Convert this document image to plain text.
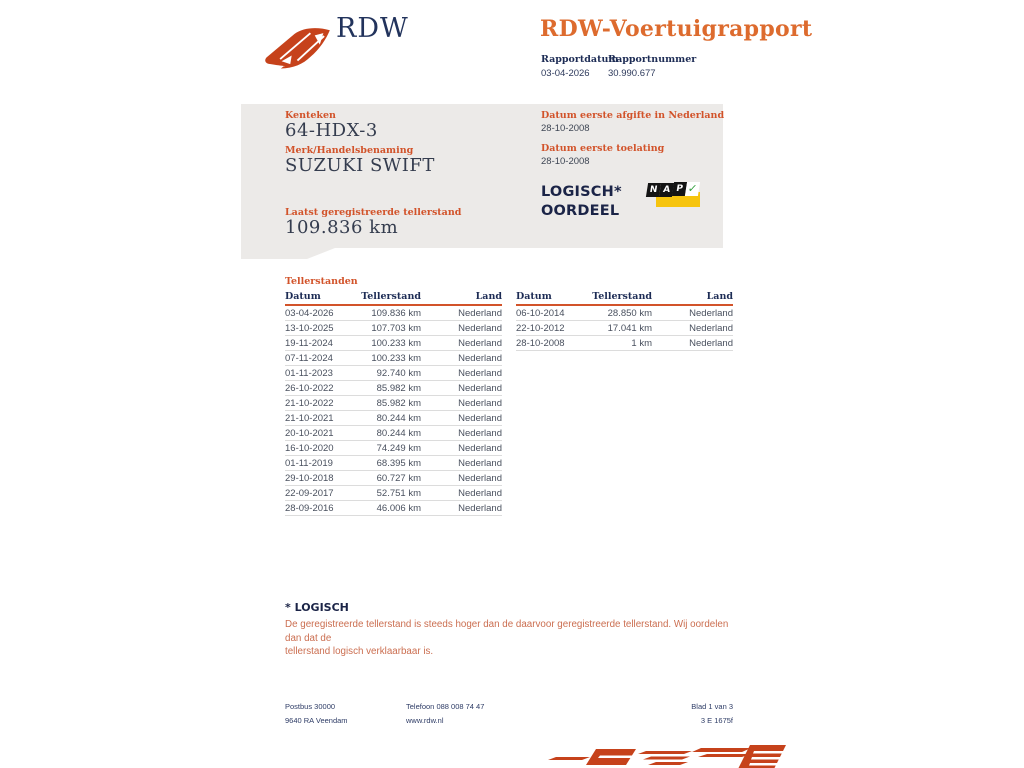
RDW	RDW-Voertuigrapport
Rapportdatum
03-04-2026
Rapportnummer
30.990.677
Kenteken
64-HDX-3
Merk/Handelsbenaming
SUZUKI SWIFT
Laatst geregistreerde tellerstand
109.836 km
Datum eerste afgifte in Nederland
28-10-2008
Datum eerste toelating
28-10-2008
LOGISCH*
OORDEEL
N A P ✓
Tellerstanden
Datum	Tellerstand	Land
03-04-2026	109.836 km	Nederland
13-10-2025	107.703 km	Nederland
19-11-2024	100.233 km	Nederland
07-11-2024	100.233 km	Nederland
01-11-2023	92.740 km	Nederland
26-10-2022	85.982 km	Nederland
21-10-2022	85.982 km	Nederland
21-10-2021	80.244 km	Nederland
20-10-2021	80.244 km	Nederland
16-10-2020	74.249 km	Nederland
01-11-2019	68.395 km	Nederland
29-10-2018	60.727 km	Nederland
22-09-2017	52.751 km	Nederland
28-09-2016	46.006 km	Nederland
Datum	Tellerstand	Land
06-10-2014	28.850 km	Nederland
22-10-2012	17.041 km	Nederland
28-10-2008	1 km	Nederland
* LOGISCH
De geregistreerde tellerstand is steeds hoger dan de daarvoor geregistreerde tellerstand. Wij oordelen dan dat de
tellerstand logisch verklaarbaar is.
Postbus 30000
9640 RA Veendam
Telefoon 088 008 74 47
www.rdw.nl
Blad 1 van 3
3 E 1675f
